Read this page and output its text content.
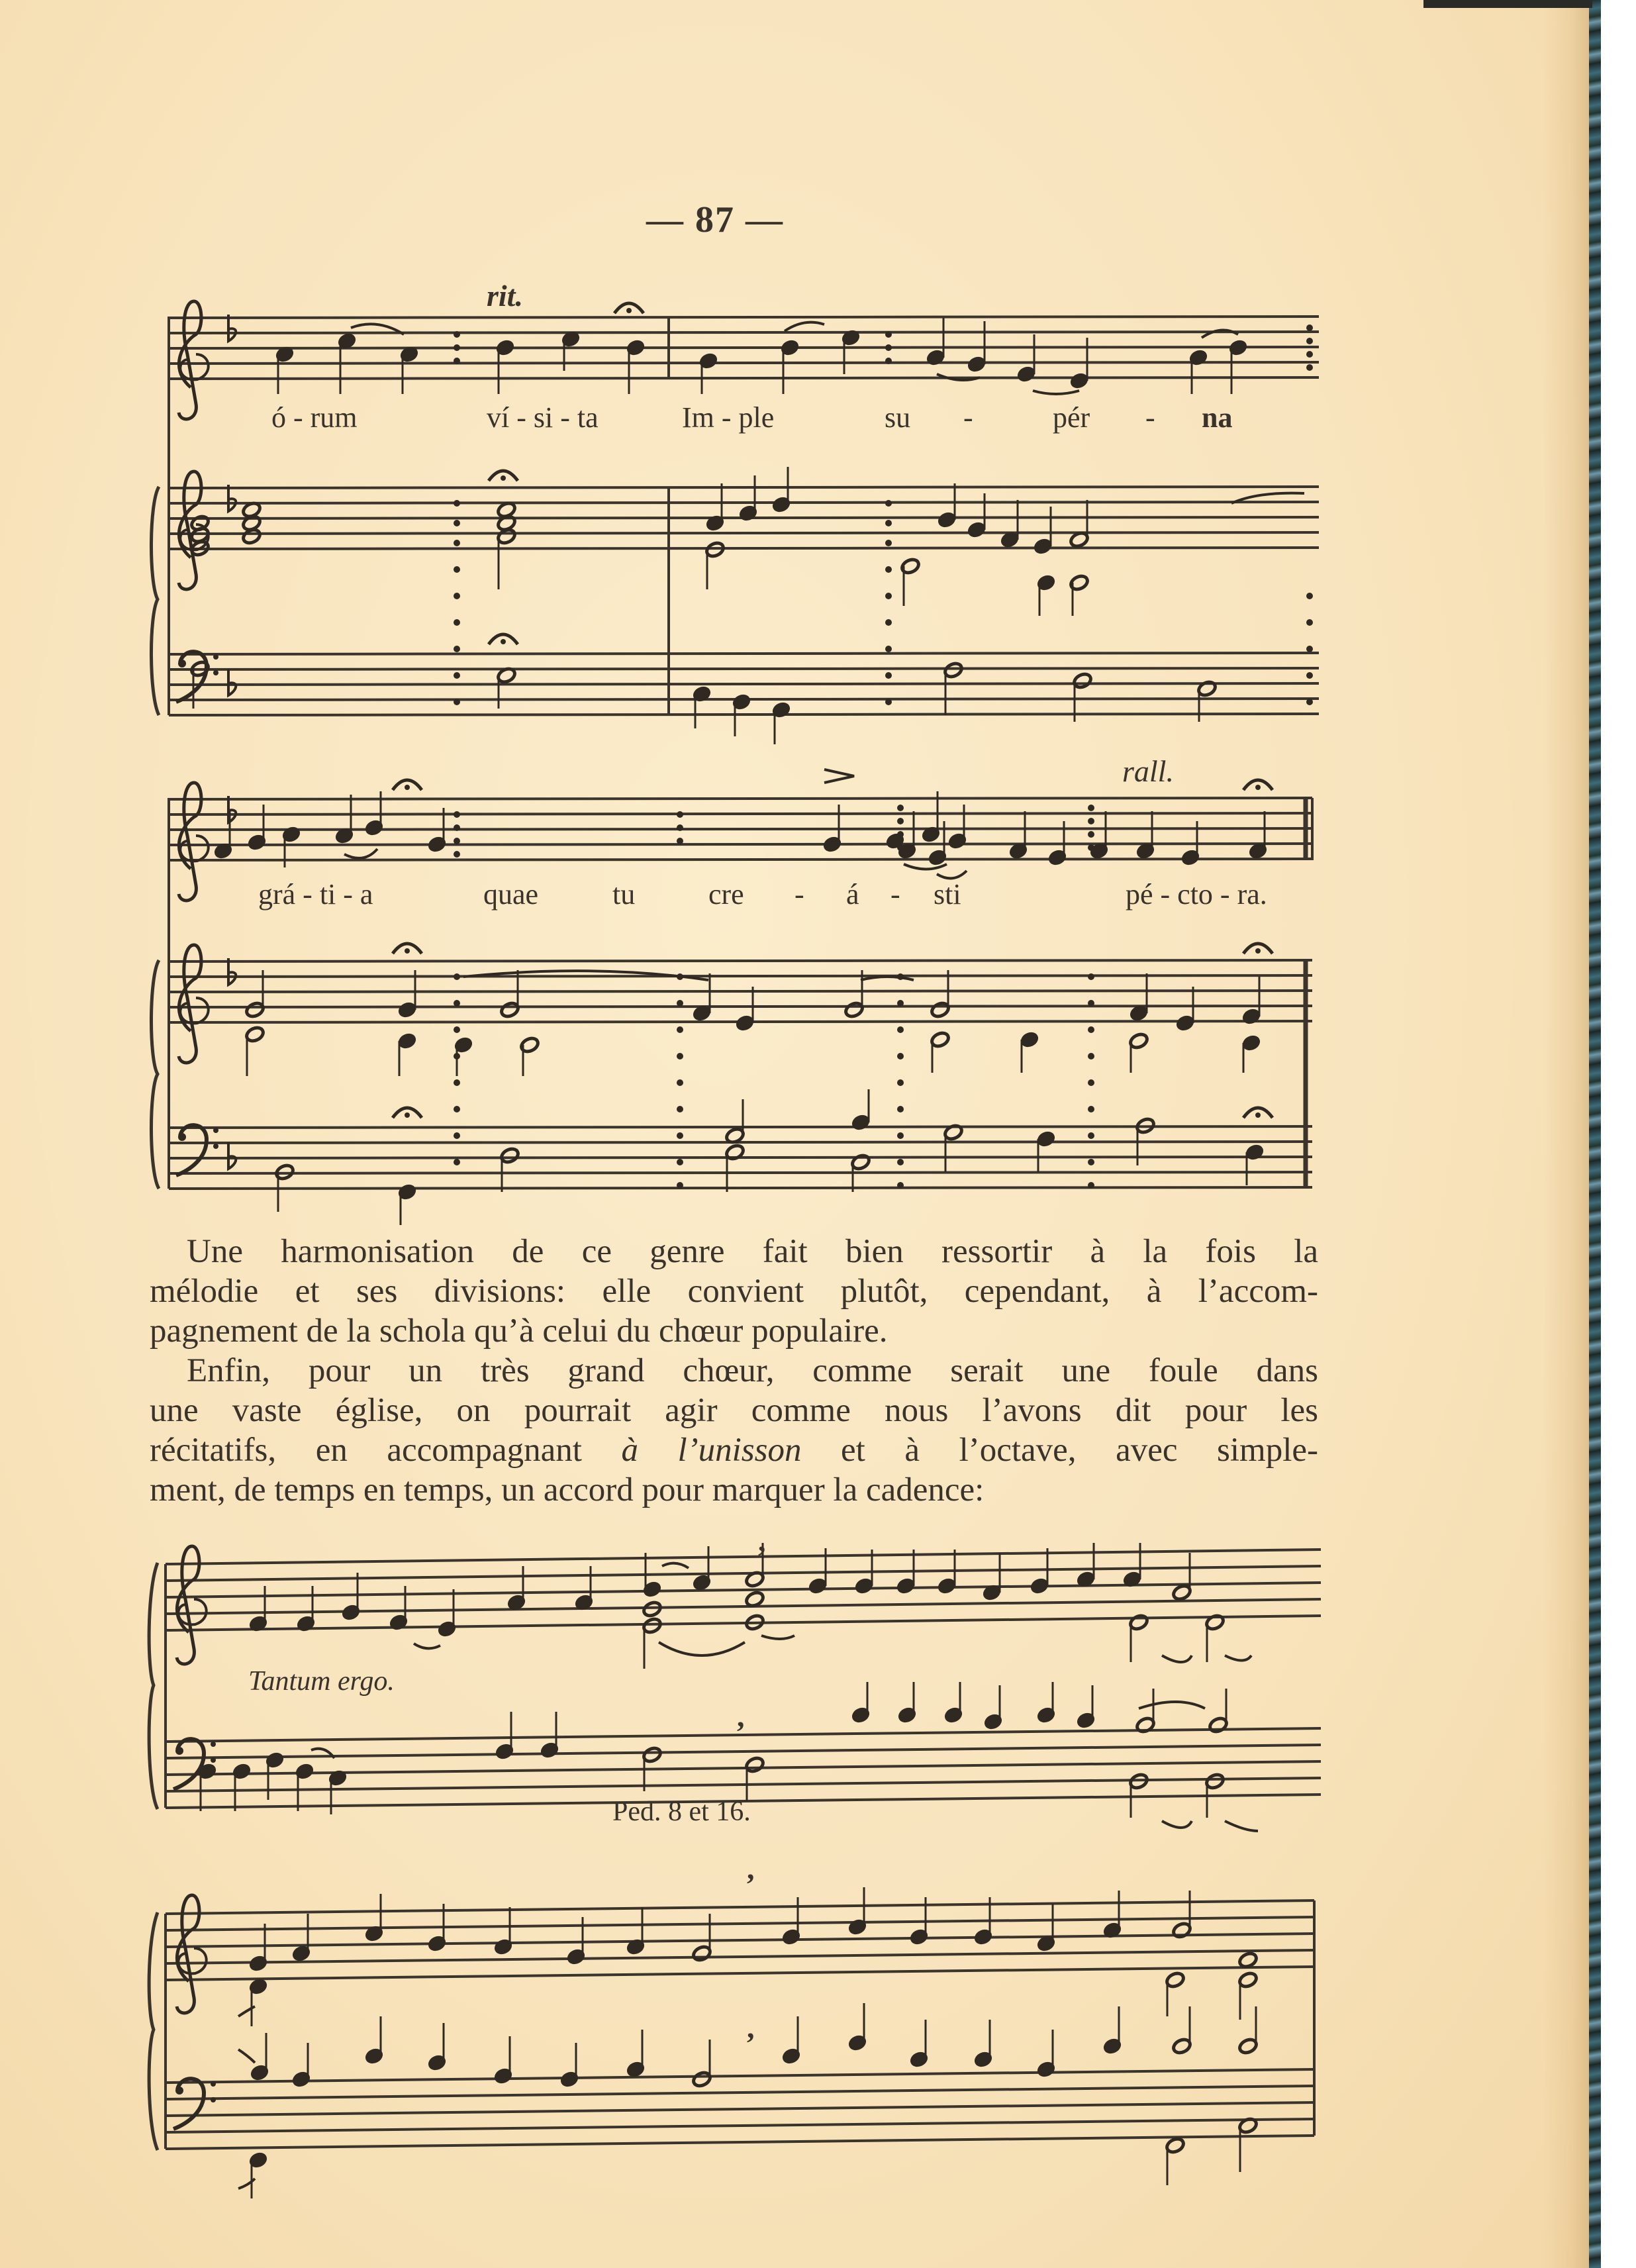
— 87 —
rit.
ó - rum	ví - si - ta	Im - ple	su -	pér - na
rall.
grá - ti - a	quae	tu	cre - á - sti	pé - cto - ra.

Une harmonisation de ce genre fait bien ressortir à la fois la
mélodie et ses divisions: elle convient plutôt, cependant, à l’accom-
pagnement de la schola qu’à celui du chœur populaire.

Enfin, pour un très grand chœur, comme serait une foule dans
une vaste église, on pourrait agir comme nous l’avons dit pour les
récitatifs, en accompagnant à l’unisson et à l’octave, avec simple-
ment, de temps en temps, un accord pour marquer la cadence:

Tantum ergo.
Ped. 8 et 16.
,
,
,
,
